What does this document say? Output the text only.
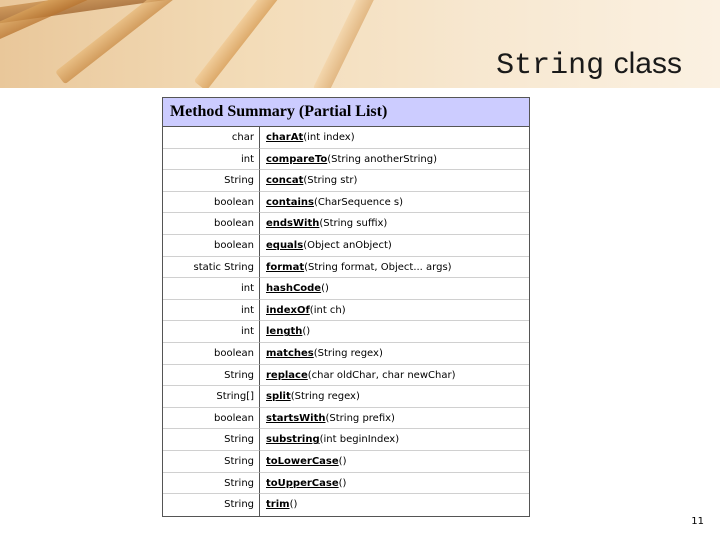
String class
Method Summary (Partial List)
char	charAt(int index)
int	compareTo(String anotherString)
String	concat(String str)
boolean	contains(CharSequence s)
boolean	endsWith(String suffix)
boolean	equals(Object anObject)
static String	format(String format, Object... args)
int	hashCode()
int	indexOf(int ch)
int	length()
boolean	matches(String regex)
String	replace(char oldChar, char newChar)
String[]	split(String regex)
boolean	startsWith(String prefix)
String	substring(int beginIndex)
String	toLowerCase()
String	toUpperCase()
String	trim()
11
